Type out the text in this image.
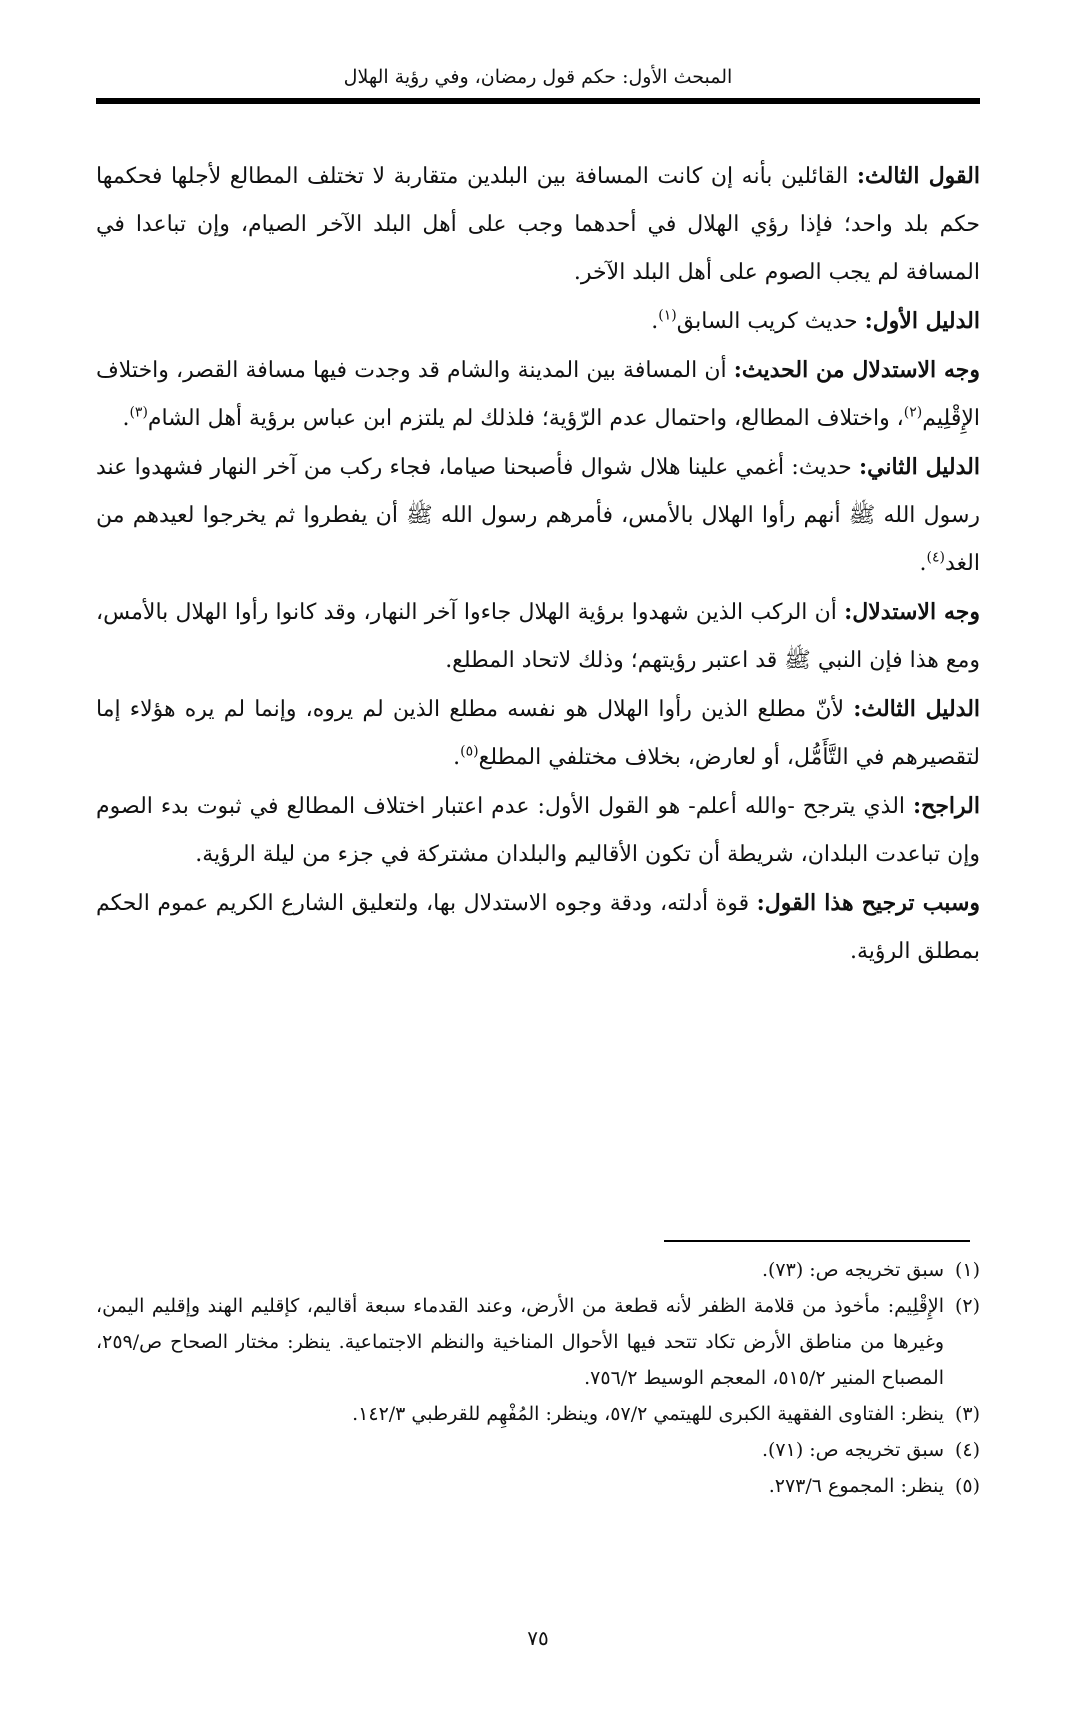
المبحث الأول: حكم قول رمضان، وفي رؤية الهلال

القول الثالث: القائلين بأنه إن كانت المسافة بين البلدين متقاربة لا تختلف المطالع لأجلها فحكمها حكم بلد واحد؛ فإذا رؤي الهلال في أحدهما وجب على أهل البلد الآخر الصيام، وإن تباعدا في المسافة لم يجب الصوم على أهل البلد الآخر.

الدليل الأول: حديث كريب السابق$^{(١)}$.

وجه الاستدلال من الحديث: أن المسافة بين المدينة والشام قد وجدت فيها مسافة القصر، واختلاف الإِقْلِيم$^{(٢)}$، واختلاف المطالع، واحتمال عدم الرّؤية؛ فلذلك لم يلتزم ابن عباس برؤية أهل الشام$^{(٣)}$.

الدليل الثاني: حديث: أغمي علينا هلال شوال فأصبحنا صياما، فجاء ركب من آخر النهار فشهدوا عند رسول الله ﷺ أنهم رأوا الهلال بالأمس، فأمرهم رسول الله ﷺ أن يفطروا ثم يخرجوا لعيدهم من الغد$^{(٤)}$.

وجه الاستدلال: أن الركب الذين شهدوا برؤية الهلال جاءوا آخر النهار، وقد كانوا رأوا الهلال بالأمس، ومع هذا فإن النبي ﷺ قد اعتبر رؤيتهم؛ وذلك لاتحاد المطلع.

الدليل الثالث: لأنّ مطلع الذين رأوا الهلال هو نفسه مطلع الذين لم يروه، وإنما لم يره هؤلاء إما لتقصيرهم في التَّأَمُّل، أو لعارض، بخلاف مختلفي المطلع$^{(٥)}$.

الراجح: الذي يترجح -والله أعلم- هو القول الأول: عدم اعتبار اختلاف المطالع في ثبوت بدء الصوم وإن تباعدت البلدان، شريطة أن تكون الأقاليم والبلدان مشتركة في جزء من ليلة الرؤية.

وسبب ترجيح هذا القول: قوة أدلته، ودقة وجوه الاستدلال بها، ولتعليق الشارع الكريم عموم الحكم بمطلق الرؤية.

(١)سبق تخريجه ص: (٧٣).

(٢)الإِقْلِيم: مأخوذ من قلامة الظفر لأنه قطعة من الأرض، وعند القدماء سبعة أقاليم، كإقليم الهند وإقليم اليمن، وغيرها من مناطق الأرض تكاد تتحد فيها الأحوال المناخية والنظم الاجتماعية. ينظر: مختار الصحاح ص/٢٥٩، المصباح المنير ٥١٥/٢، المعجم الوسيط ٧٥٦/٢.

(٣)ينظر: الفتاوى الفقهية الكبرى للهيتمي ٥٧/٢، وينظر: المُفْهِم للقرطبي ١٤٢/٣.

(٤)سبق تخريجه ص: (٧١).

(٥)ينظر: المجموع ٢٧٣/٦.

٧٥
